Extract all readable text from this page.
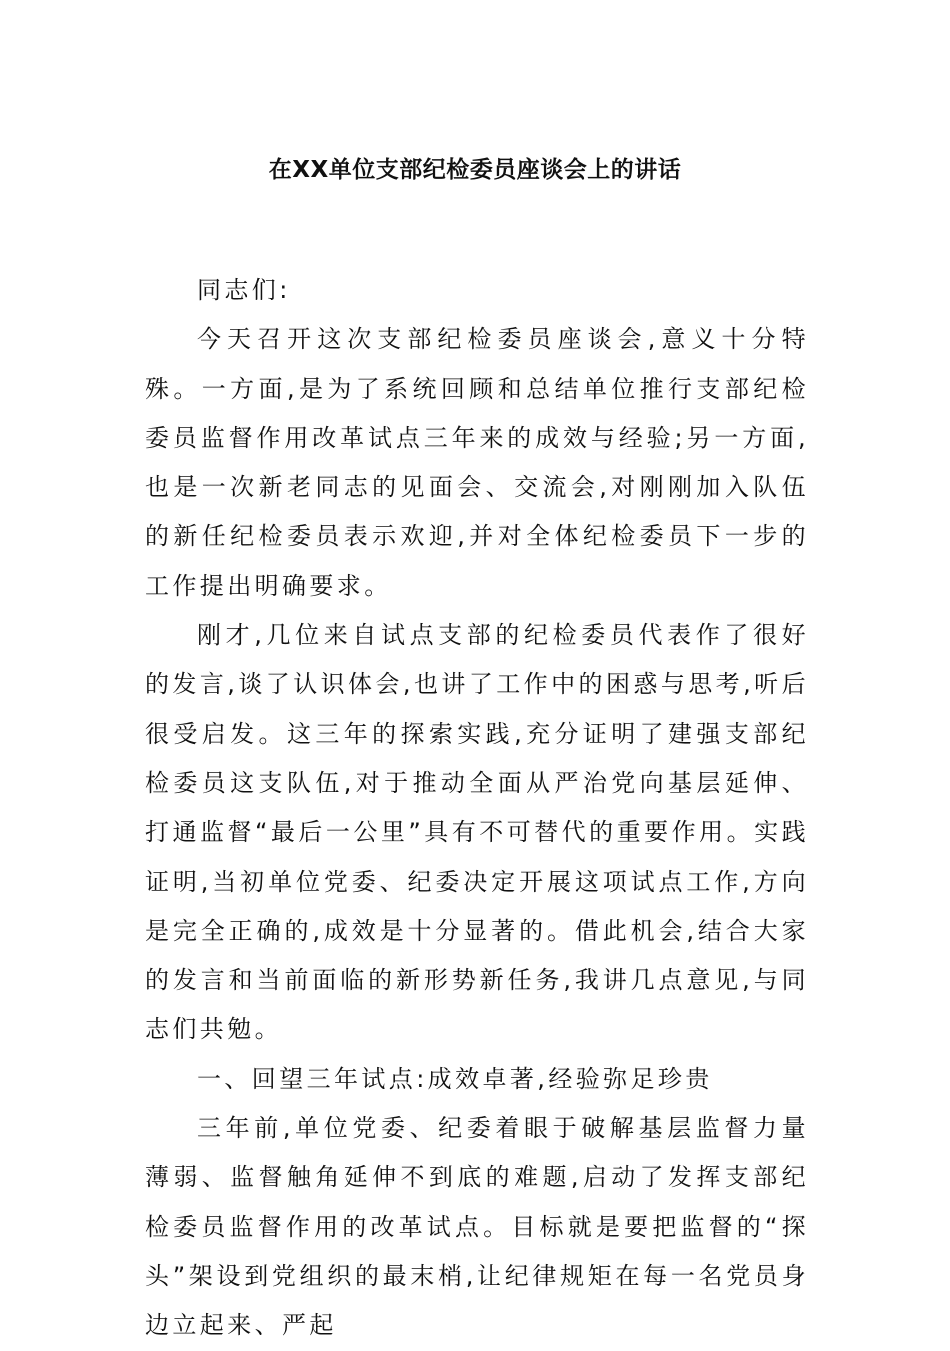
在XX单位支部纪检委员座谈会上的讲话

同志们:

今天召开这次支部纪检委员座谈会,意义十分特殊。一方面,是为了系统回顾和总结单位推行支部纪检委员监督作用改革试点三年来的成效与经验;另一方面,也是一次新老同志的见面会、交流会,对刚刚加入队伍的新任纪检委员表示欢迎,并对全体纪检委员下一步的工作提出明确要求。

刚才,几位来自试点支部的纪检委员代表作了很好的发言,谈了认识体会,也讲了工作中的困惑与思考,听后很受启发。这三年的探索实践,充分证明了建强支部纪检委员这支队伍,对于推动全面从严治党向基层延伸、打通监督“最后一公里”具有不可替代的重要作用。实践证明,当初单位党委、纪委决定开展这项试点工作,方向是完全正确的,成效是十分显著的。借此机会,结合大家的发言和当前面临的新形势新任务,我讲几点意见,与同志们共勉。

一、回望三年试点:成效卓著,经验弥足珍贵

三年前,单位党委、纪委着眼于破解基层监督力量薄弱、监督触角延伸不到底的难题,启动了发挥支部纪检委员监督作用的改革试点。目标就是要把监督的“探头”架设到党组织的最末梢,让纪律规矩在每一名党员身边立起来、严起
